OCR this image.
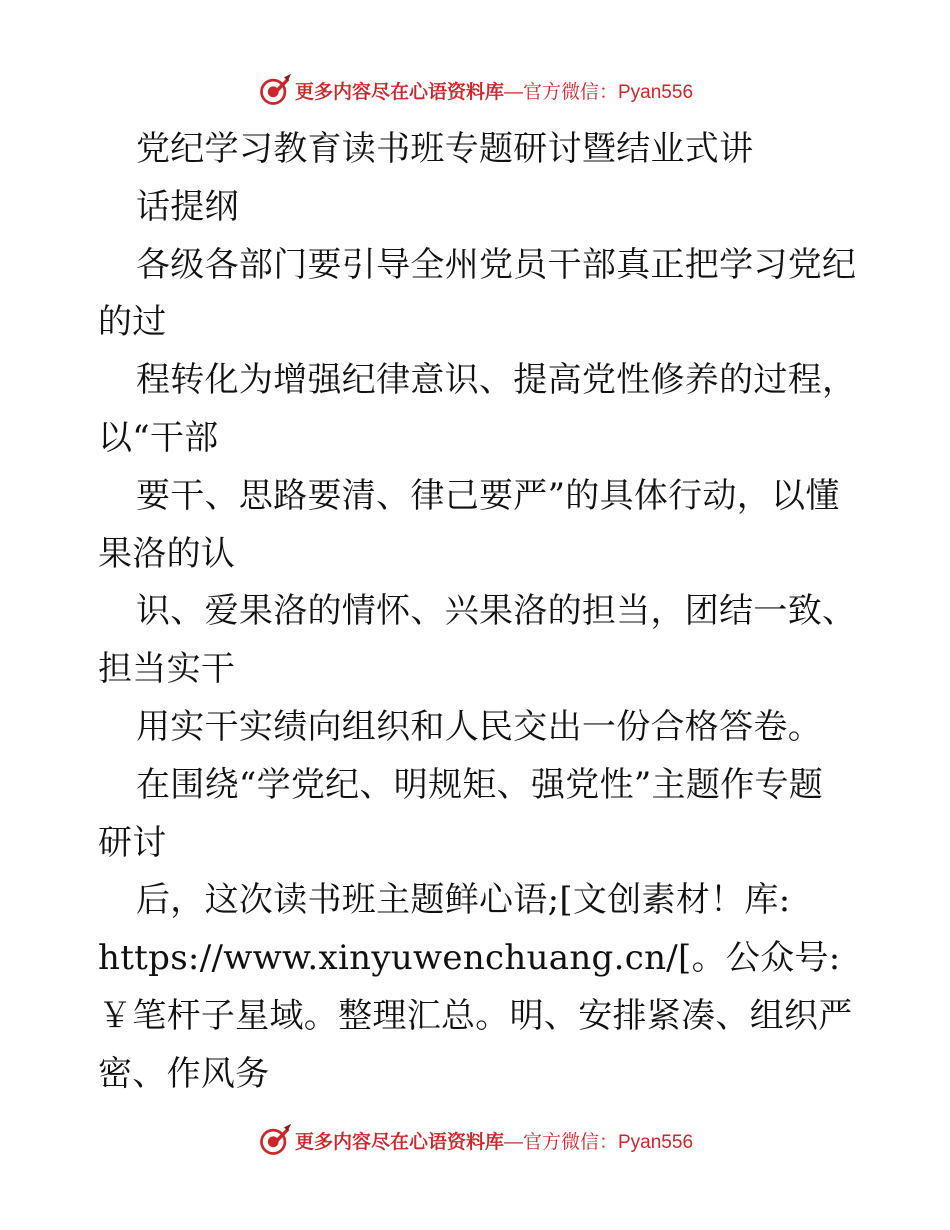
更多内容尽在心语资料库 —官方微信：Pyan556
党纪学习教育读书班专题研讨暨结业式讲
话提纲
各级各部门要引导全州党员干部真正把学习党纪
的过
程转化为增强纪律意识、提高党性修养的过程，
以“干部
要干、思路要清、律己要严”的具体行动，以懂
果洛的认
识、爱果洛的情怀、兴果洛的担当，团结一致、
担当实干
用实干实绩向组织和人民交出一份合格答卷。
在围绕“学党纪、明规矩、强党性”主题作专题
研讨
后，这次读书班主题鲜心语;[文创素材！库:
https://www.xinyuwenchuang.cn/[。公众号:
￥笔杆子星域。整理汇总。明、安排紧凑、组织严
密、作风务
更多内容尽在心语资料库 —官方微信：Pyan556
